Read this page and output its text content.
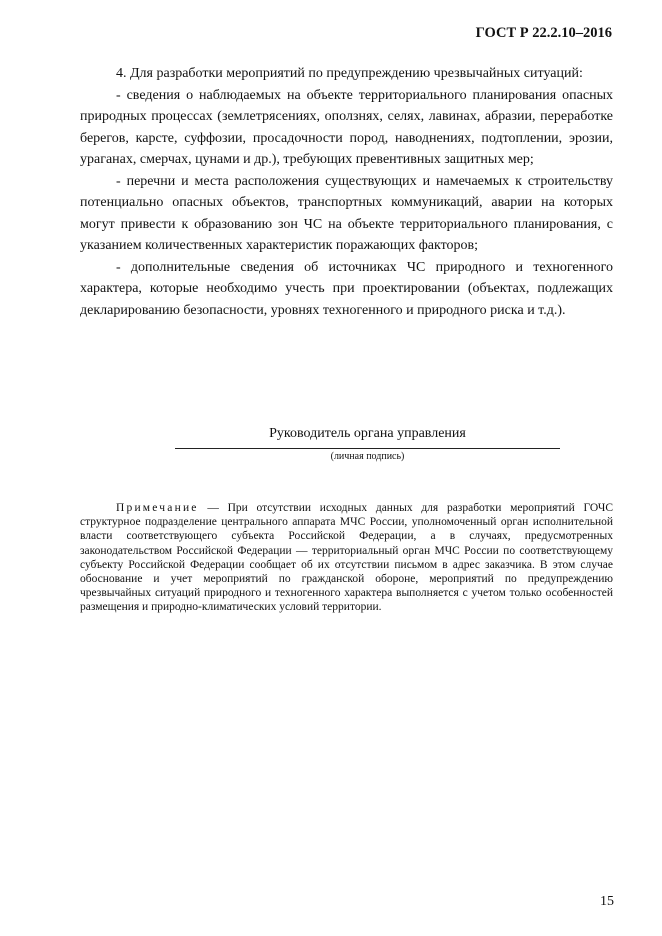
ГОСТ Р 22.2.10–2016

4. Для разработки мероприятий по предупреждению чрезвычайных ситуаций:

- сведения о наблюдаемых на объекте территориального планирования опасных природных процессах (землетрясениях, оползнях, селях, лавинах, абразии, переработке берегов, карсте, суффозии, просадочности пород, наводнениях, подтоплении, эрозии, ураганах, смерчах, цунами и др.), требующих превентивных защитных мер;

- перечни и места расположения существующих и намечаемых к строительству потенциально опасных объектов, транспортных коммуникаций, аварии на которых могут привести к образованию зон ЧС на объекте территориального планирования, с указанием количественных характеристик поражающих факторов;

- дополнительные сведения об источниках ЧС природного и техногенного характера, которые необходимо учесть при проектировании (объектах, подлежащих декларированию безопасности, уровнях техногенного и природного риска и т.д.).

Руководитель органа управления
(личная подпись)

Примечание — При отсутствии исходных данных для разработки мероприятий ГОЧС структурное подразделение центрального аппарата МЧС России, уполномоченный орган исполнительной власти соответствующего субъекта Российской Федерации, а в случаях, предусмотренных законодательством Российской Федерации — территориальный орган МЧС России по соответствующему субъекту Российской Федерации сообщает об их отсутствии письмом в адрес заказчика. В этом случае обоснование и учет мероприятий по гражданской обороне, мероприятий по предупреждению чрезвычайных ситуаций природного и техногенного характера выполняется с учетом только особенностей размещения и природно-климатических условий территории.

15
